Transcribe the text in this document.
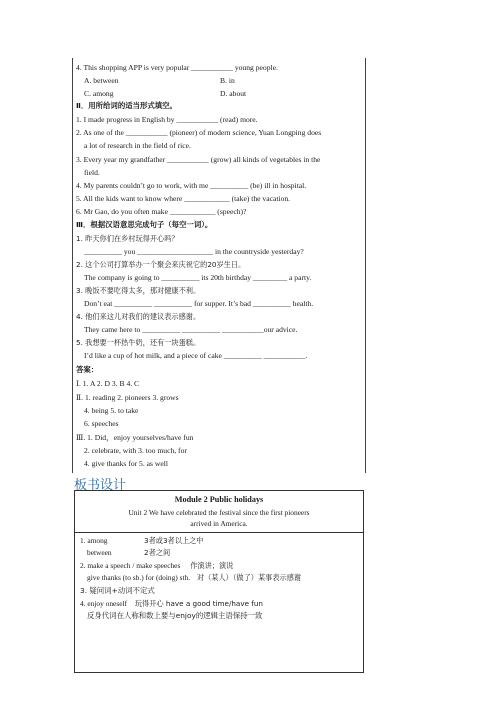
4. This shopping APP is very popular ___________ young people.
A. between	B. in
C. among	D. about
Ⅱ．用所给词的适当形式填空。
1. I made progress in English by ___________ (read) more.
2. As one of the ___________ (pioneer) of modern science, Yuan Longping does
a lot of research in the field of rice.
3. Every year my grandfather ___________ (grow) all kinds of vegetables in the
field.
4. My parents couldn’t go to work, with me __________ (be) ill in hospital.
5. All the kids want to know where ____________ (take) the vacation.
6. Mr Gao, do you often make ____________ (speech)?
Ⅲ．根据汉语意思完成句子（每空一词）。
1. 昨天你们在乡村玩得开心吗？
__________ you ____________________ in the countryside yesterday?
2. 这个公司打算举办一个聚会来庆祝它的20岁生日。
The company is going to __________ its 20th birthday _________ a party.
3. 晚饭不要吃得太多，那对健康不利。
Don’t eat __________ __________ for supper. It’s bad __________ health.
4. 他们来这儿对我们的建议表示感谢。
They came here to __________ __________ ___________our advice.
5. 我想要一杯热牛奶，还有一块蛋糕。
I’d like a cup of hot milk, and a piece of cake __________ ___________.
答案：
Ⅰ. 1. A 2. D 3. B 4. C
Ⅱ. 1. reading 2. pioneers 3. grows
4. being 5. to take
6. speeches
Ⅲ. 1. Did，enjoy yourselves/have fun
2. celebrate, with 3. too much, for
4. give thanks for 5. as well
板书设计
Module 2 Public holidays
Unit 2 We have celebrated the festival since the first pioneers
arrived in America.
1. among	3者或3者以上之中
between	2者之间
2. make a speech / make speeches 作演讲；演说
give thanks (to sb.) for (doing) sth. 对（某人）（做了）某事表示感谢
3. 疑问词+动词不定式
4. enjoy oneself 玩得开心 have a good time/have fun
反身代词在人称和数上要与enjoy的逻辑主语保持一致
